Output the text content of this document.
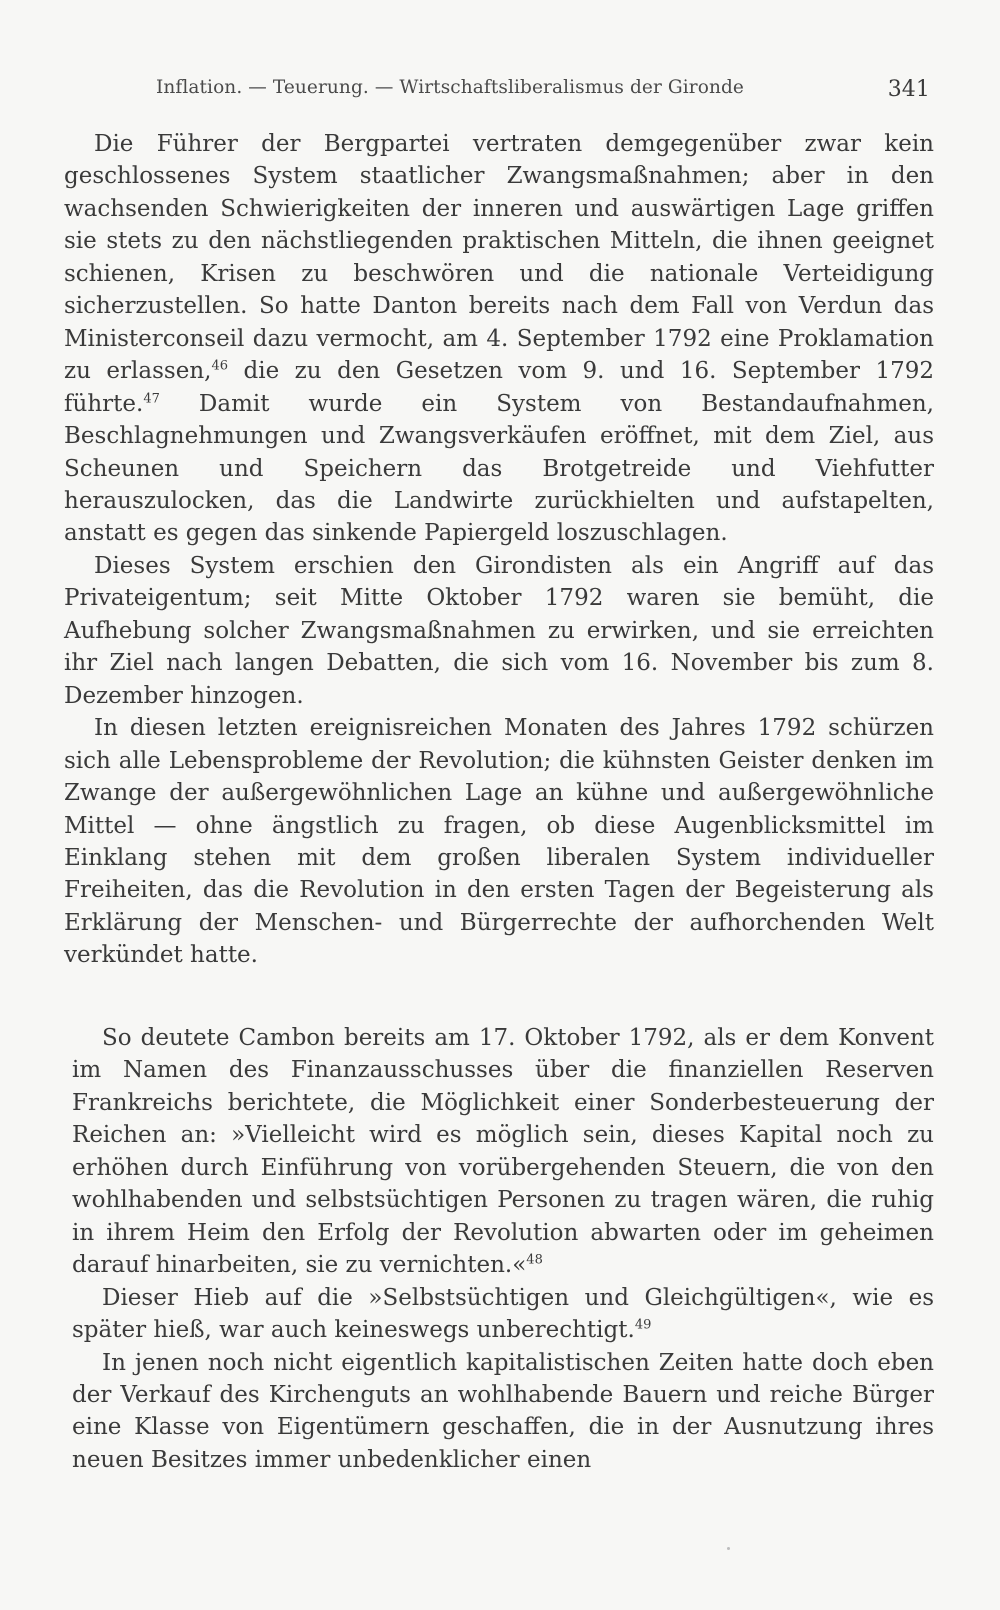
Inflation. — Teuerung. — Wirtschaftsliberalismus der Gironde	341

Die Führer der Bergpartei vertraten demgegenüber zwar kein geschlossenes System staatlicher Zwangsmaßnahmen; aber in den wachsenden Schwierigkeiten der inneren und auswärtigen Lage griffen sie stets zu den nächstliegenden praktischen Mitteln, die ihnen geeignet schienen, Krisen zu beschwören und die nationale Verteidigung sicherzustellen. So hatte Danton bereits nach dem Fall von Verdun das Ministerconseil dazu vermocht, am 4. September 1792 eine Proklamation zu erlassen,$^{46}$ die zu den Gesetzen vom 9. und 16. September 1792 führte.$^{47}$ Damit wurde ein System von Bestandaufnahmen, Beschlagnehmungen und Zwangsverkäufen eröffnet, mit dem Ziel, aus Scheunen und Speichern das Brotgetreide und Viehfutter herauszulocken, das die Landwirte zurückhielten und aufstapelten, anstatt es gegen das sinkende Papiergeld loszuschlagen.

Dieses System erschien den Girondisten als ein Angriff auf das Privateigentum; seit Mitte Oktober 1792 waren sie bemüht, die Aufhebung solcher Zwangsmaßnahmen zu erwirken, und sie erreichten ihr Ziel nach langen Debatten, die sich vom 16. November bis zum 8. Dezember hinzogen.

In diesen letzten ereignisreichen Monaten des Jahres 1792 schürzen sich alle Lebensprobleme der Revolution; die kühnsten Geister denken im Zwange der außergewöhnlichen Lage an kühne und außergewöhnliche Mittel — ohne ängstlich zu fragen, ob diese Augenblicksmittel im Einklang stehen mit dem großen liberalen System individueller Freiheiten, das die Revolution in den ersten Tagen der Begeisterung als Erklärung der Menschen- und Bürgerrechte der aufhorchenden Welt verkündet hatte.

So deutete Cambon bereits am 17. Oktober 1792, als er dem Konvent im Namen des Finanzausschusses über die finanziellen Reserven Frankreichs berichtete, die Möglichkeit einer Sonderbesteuerung der Reichen an: »Vielleicht wird es möglich sein, dieses Kapital noch zu erhöhen durch Einführung von vorübergehenden Steuern, die von den wohlhabenden und selbstsüchtigen Personen zu tragen wären, die ruhig in ihrem Heim den Erfolg der Revolution abwarten oder im geheimen darauf hinarbeiten, sie zu vernichten.«$^{48}$

Dieser Hieb auf die »Selbstsüchtigen und Gleichgültigen«, wie es später hieß, war auch keineswegs unberechtigt.$^{49}$

In jenen noch nicht eigentlich kapitalistischen Zeiten hatte doch eben der Verkauf des Kirchenguts an wohlhabende Bauern und reiche Bürger eine Klasse von Eigentümern geschaffen, die in der Ausnutzung ihres neuen Besitzes immer unbedenklicher einen
